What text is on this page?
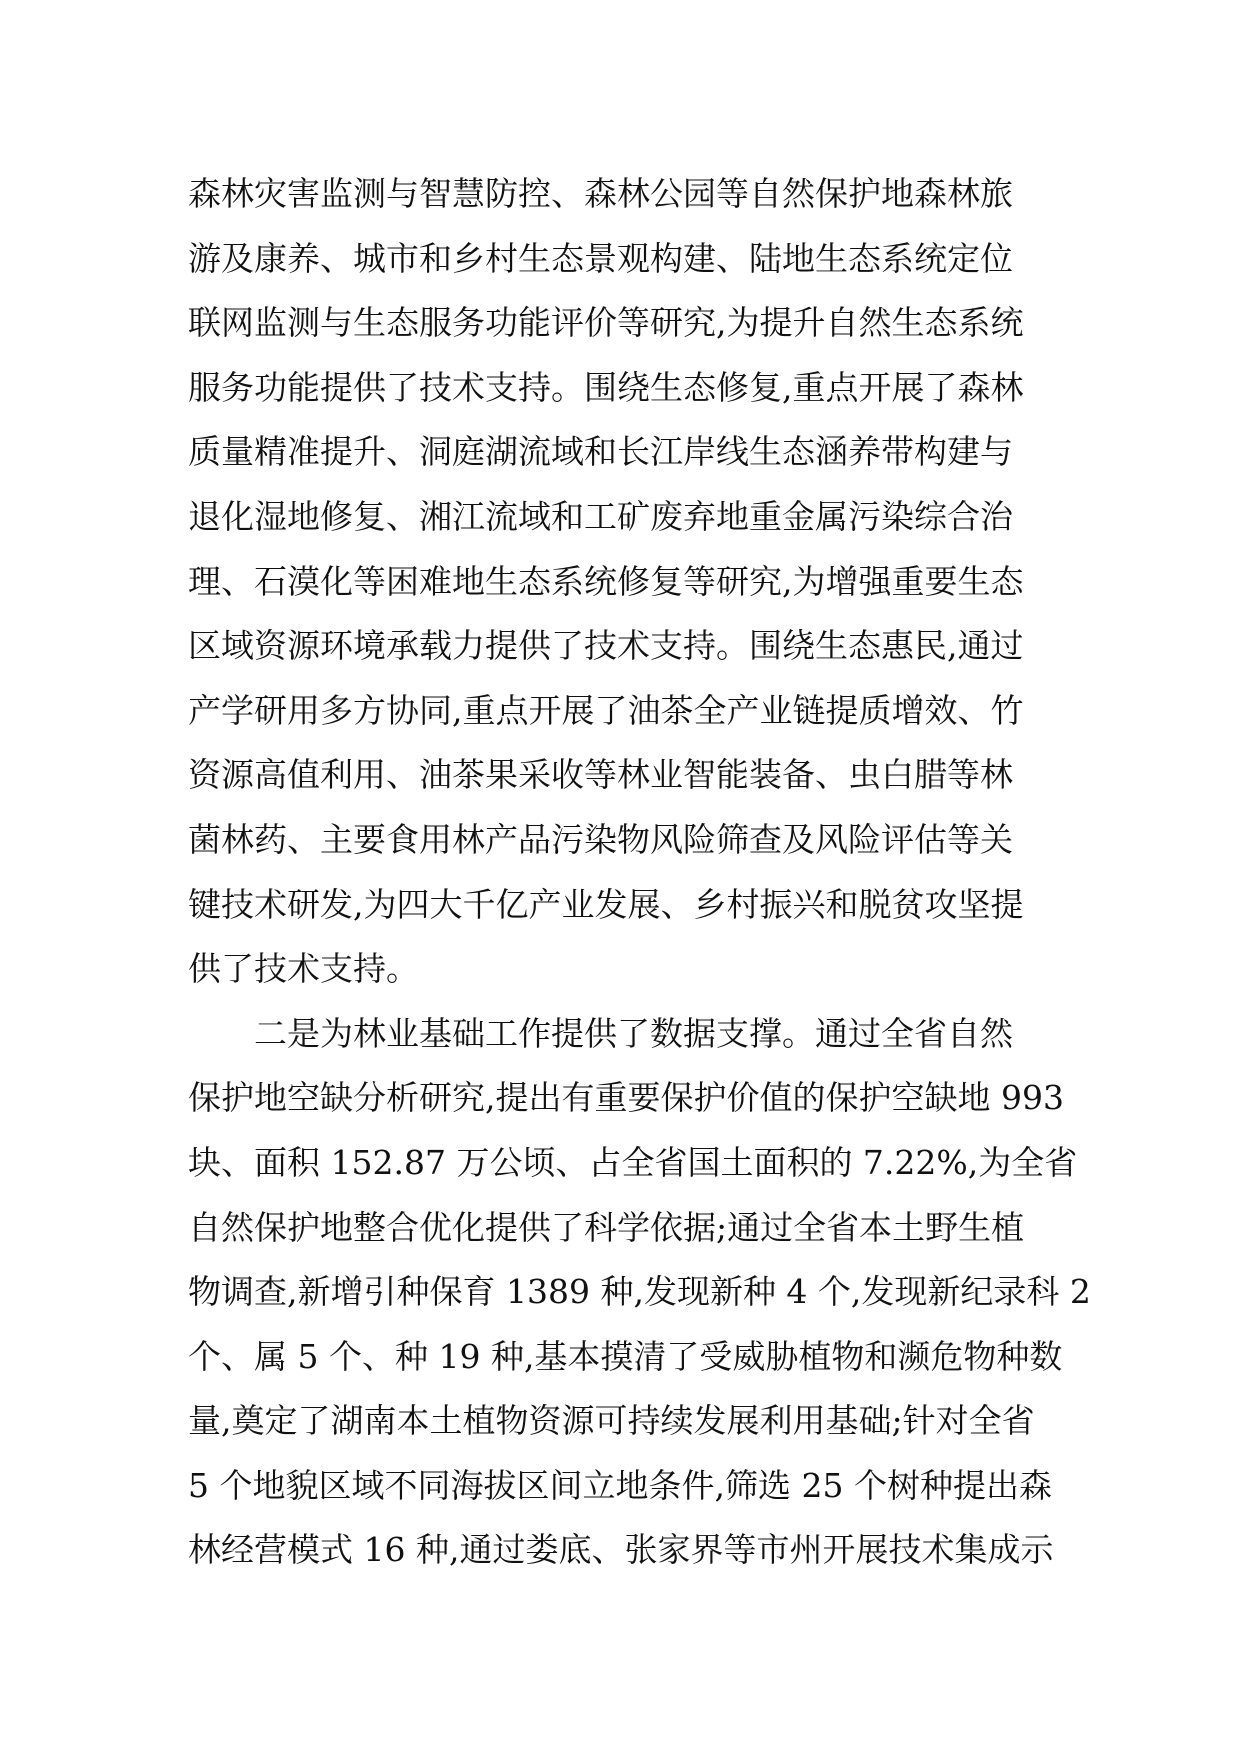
森林灾害监测与智慧防控、森林公园等自然保护地森林旅
游及康养、城市和乡村生态景观构建、陆地生态系统定位
联网监测与生态服务功能评价等研究,为提升自然生态系统
服务功能提供了技术支持。围绕生态修复,重点开展了森林
质量精准提升、洞庭湖流域和长江岸线生态涵养带构建与
退化湿地修复、湘江流域和工矿废弃地重金属污染综合治
理、石漠化等困难地生态系统修复等研究,为增强重要生态
区域资源环境承载力提供了技术支持。围绕生态惠民,通过
产学研用多方协同,重点开展了油茶全产业链提质增效、竹
资源高值利用、油茶果采收等林业智能装备、虫白腊等林
菌林药、主要食用林产品污染物风险筛查及风险评估等关
键技术研发,为四大千亿产业发展、乡村振兴和脱贫攻坚提
供了技术支持。
二是为林业基础工作提供了数据支撑。通过全省自然
保护地空缺分析研究,提出有重要保护价值的保护空缺地 993
块、面积 152.87 万公顷、占全省国土面积的 7.22%,为全省
自然保护地整合优化提供了科学依据;通过全省本土野生植
物调查,新增引种保育 1389 种,发现新种 4 个,发现新纪录科 2
个、属 5 个、种 19 种,基本摸清了受威胁植物和濒危物种数
量,奠定了湖南本土植物资源可持续发展利用基础;针对全省
5 个地貌区域不同海拔区间立地条件,筛选 25 个树种提出森
林经营模式 16 种,通过娄底、张家界等市州开展技术集成示
